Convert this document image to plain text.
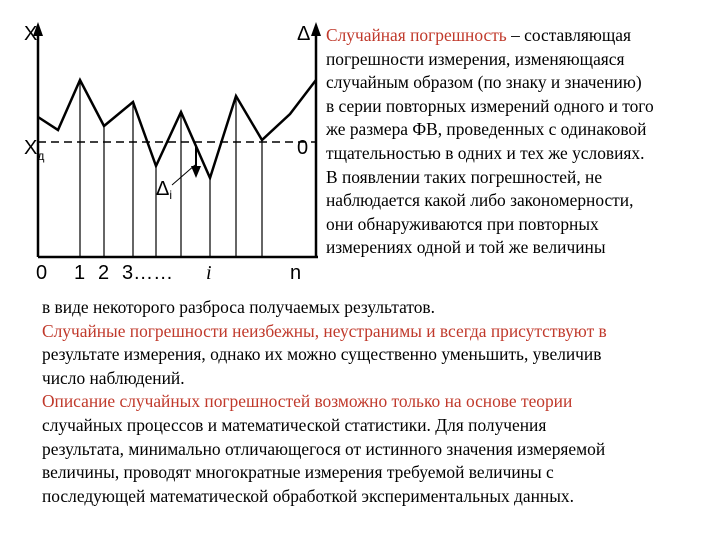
X
$X_д$
Δ
0
$\Delta_i$
0 1 2 3…… i	n

Случайная погрешность – составляющая
погрешности измерения, изменяющаяся
случайным образом (по знаку и значению)
в серии повторных измерений одного и того
же размера ФВ, проведенных с одинаковой
тщательностью в одних и тех же условиях.
В появлении таких погрешностей, не
наблюдается какой либо закономерности,
они обнаруживаются при повторных
измерениях одной и той же величины

в виде некоторого разброса получаемых результатов.
Случайные погрешности неизбежны, неустранимы и всегда присутствуют в
результате измерения, однако их можно существенно уменьшить, увеличив
число наблюдений.
Описание случайных погрешностей возможно только на основе теории
случайных процессов и математической статистики. Для получения
результата, минимально отличающегося от истинного значения измеряемой
величины, проводят многократные измерения требуемой величины с
последующей математической обработкой экспериментальных данных.
